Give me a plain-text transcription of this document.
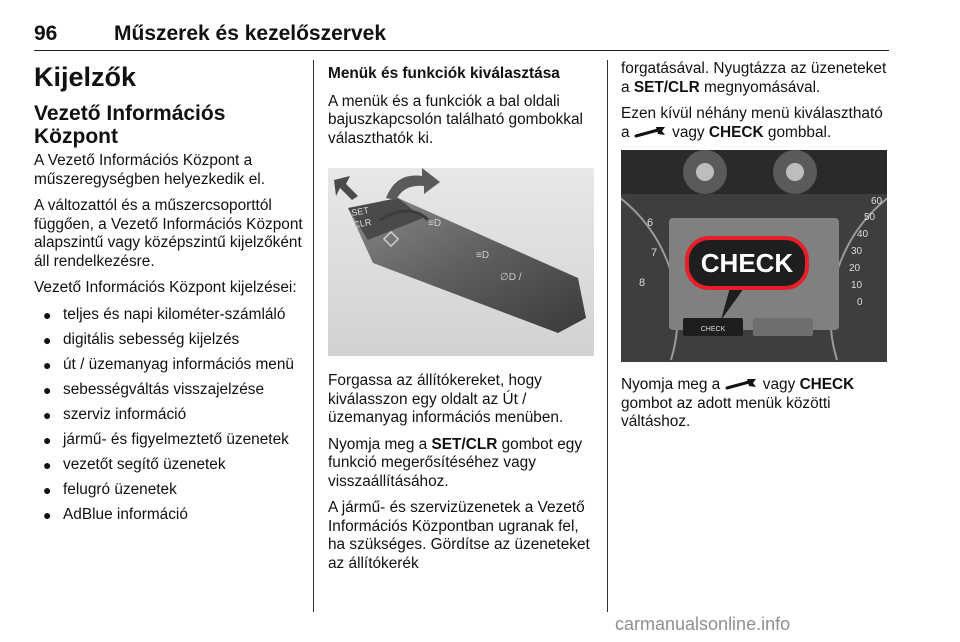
96	Műszerek és kezelőszervek
Kijelzők
Vezető Információs Központ

A Vezető Információs Központ a műszeregységben helyezkedik el.

A változattól és a műszercsoporttól függően, a Vezető Információs Központ alapszintű vagy középszintű kijelzőként áll rendelkezésre.

Vezető Információs Központ kijelzései:

● teljes és napi kilométer-számláló
● digitális sebesség kijelzés
● út / üzemanyag információs menü
● sebességváltás visszajelzése
● szerviz információ
● jármű- és figyelmeztető üzenetek
● vezetőt segítő üzenetek
● felugró üzenetek
● AdBlue információ
Menük és funkciók kiválasztása

A menük és a funkciók a bal oldali bajuszkapcsolón található gombokkal választhatók ki.

SET
CLR	≡D
≡D
∅D /

Forgassa az állítókereket, hogy kiválasszon egy oldalt az Út / üzemanyag információs menüben.

Nyomja meg a SET/CLR gombot egy funkció megerősítéséhez vagy visszaállításához.

A jármű- és szervizüzenetek a Vezető Információs Központban ugranak fel, ha szükséges. Gördítse az üzeneteket az állítókerék

forgatásával. Nyugtázza az üzeneteket a SET/CLR megnyomásával.

Ezen kívül néhány menü kiválasztható a  vagy CHECK gombbal.

6
7
8
60
50
40
30
20
10
0
CHECK
CHECK

Nyomja meg a  vagy CHECK gombot az adott menük közötti váltáshoz.

carmanualsonline.info
